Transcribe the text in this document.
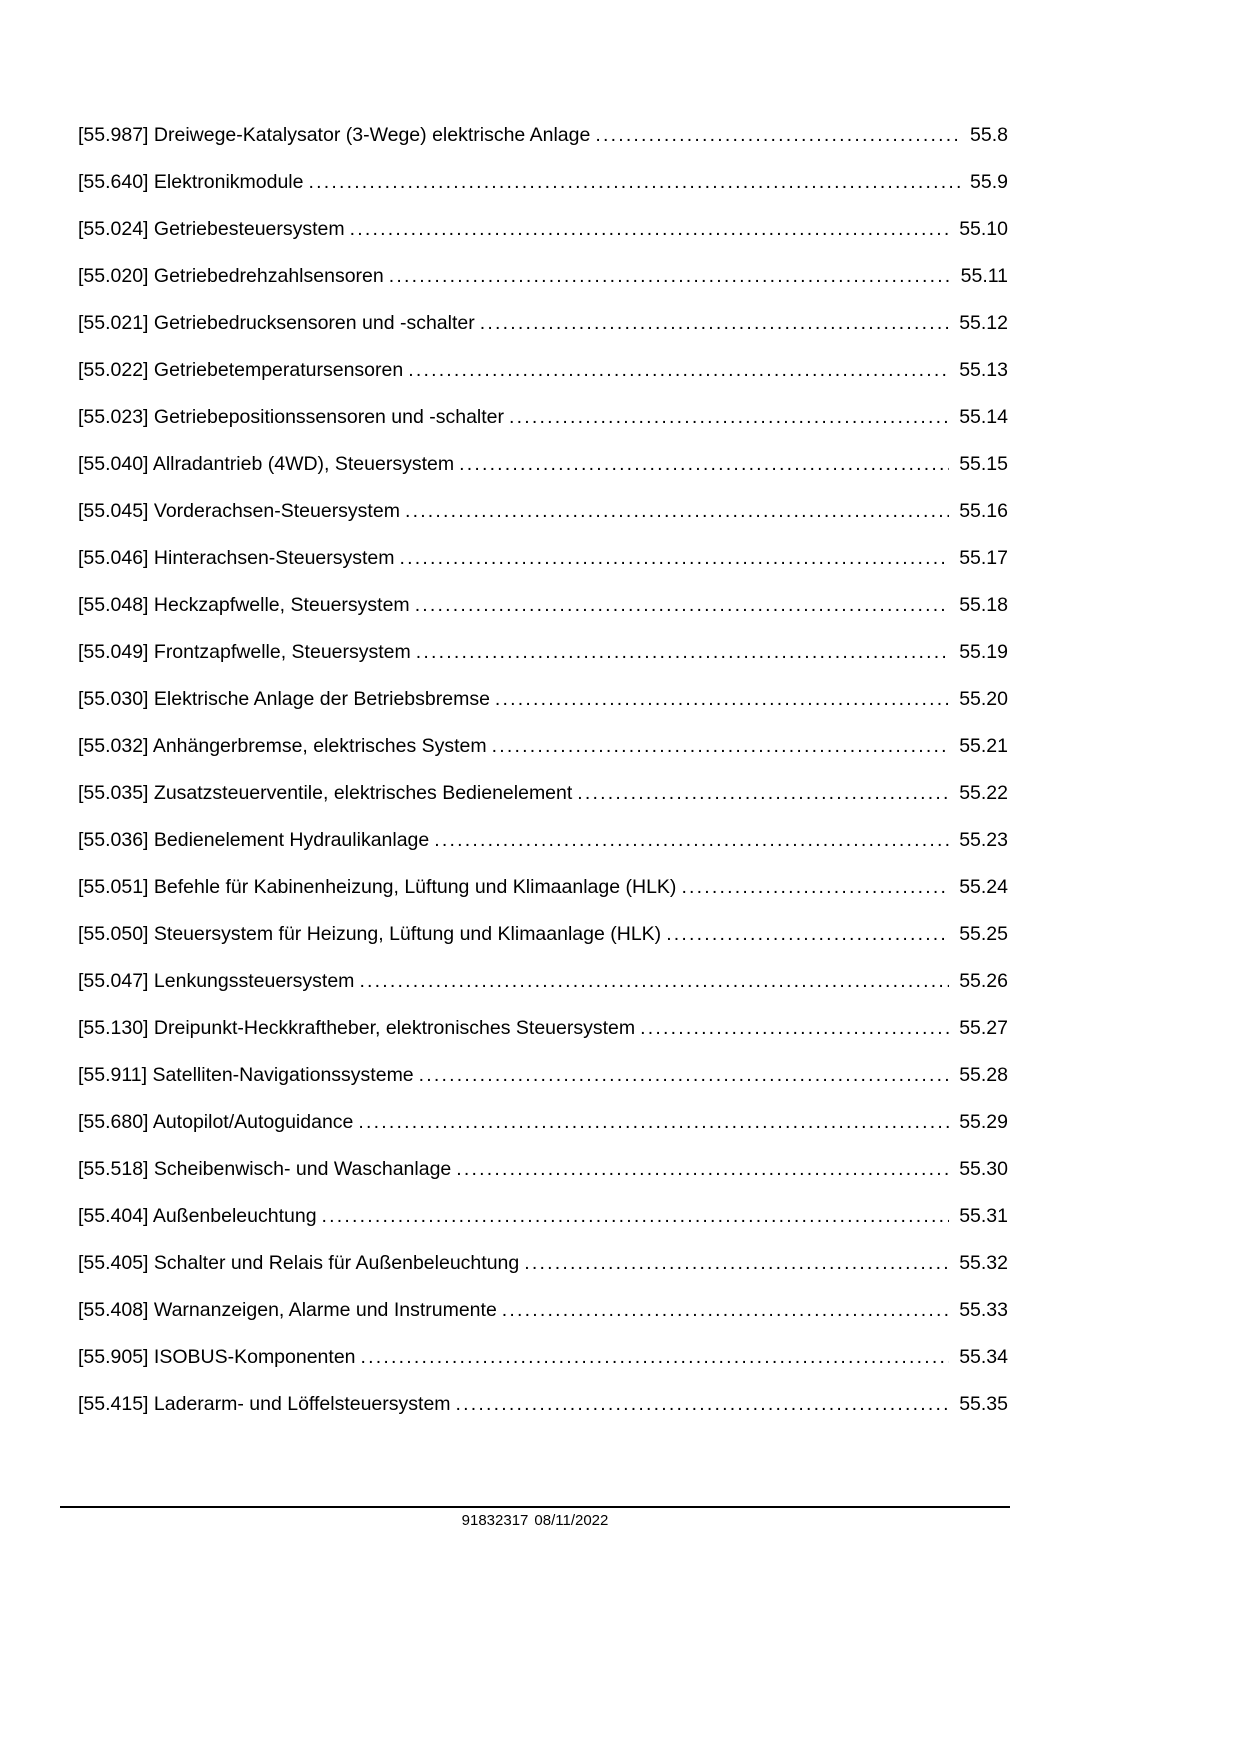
[55.987] Dreiwege-Katalysator (3-Wege) elektrische Anlage .....	55.8
[55.640] Elektronikmodule .....	55.9
[55.024] Getriebesteuersystem .....	55.10
[55.020] Getriebedrehzahlsensoren .....	55.11
[55.021] Getriebedrucksensoren und -schalter .....	55.12
[55.022] Getriebetemperatursensoren .....	55.13
[55.023] Getriebepositionssensoren und -schalter .....	55.14
[55.040] Allradantrieb (4WD), Steuersystem .....	55.15
[55.045] Vorderachsen-Steuersystem .....	55.16
[55.046] Hinterachsen-Steuersystem .....	55.17
[55.048] Heckzapfwelle, Steuersystem .....	55.18
[55.049] Frontzapfwelle, Steuersystem .....	55.19
[55.030] Elektrische Anlage der Betriebsbremse .....	55.20
[55.032] Anhängerbremse, elektrisches System .....	55.21
[55.035] Zusatzsteuerventile, elektrisches Bedienelement .....	55.22
[55.036] Bedienelement Hydraulikanlage .....	55.23
[55.051] Befehle für Kabinenheizung, Lüftung und Klimaanlage (HLK) .....	55.24
[55.050] Steuersystem für Heizung, Lüftung und Klimaanlage (HLK) .....	55.25
[55.047] Lenkungssteuersystem .....	55.26
[55.130] Dreipunkt-Heckkraftheber, elektronisches Steuersystem .....	55.27
[55.911] Satelliten-Navigationssysteme .....	55.28
[55.680] Autopilot/Autoguidance .....	55.29
[55.518] Scheibenwisch- und Waschanlage .....	55.30
[55.404] Außenbeleuchtung .....	55.31
[55.405] Schalter und Relais für Außenbeleuchtung .....	55.32
[55.408] Warnanzeigen, Alarme und Instrumente .....	55.33
[55.905] ISOBUS-Komponenten .....	55.34
[55.415] Laderarm- und Löffelsteuersystem .....	55.35
91832317 08/11/2022
